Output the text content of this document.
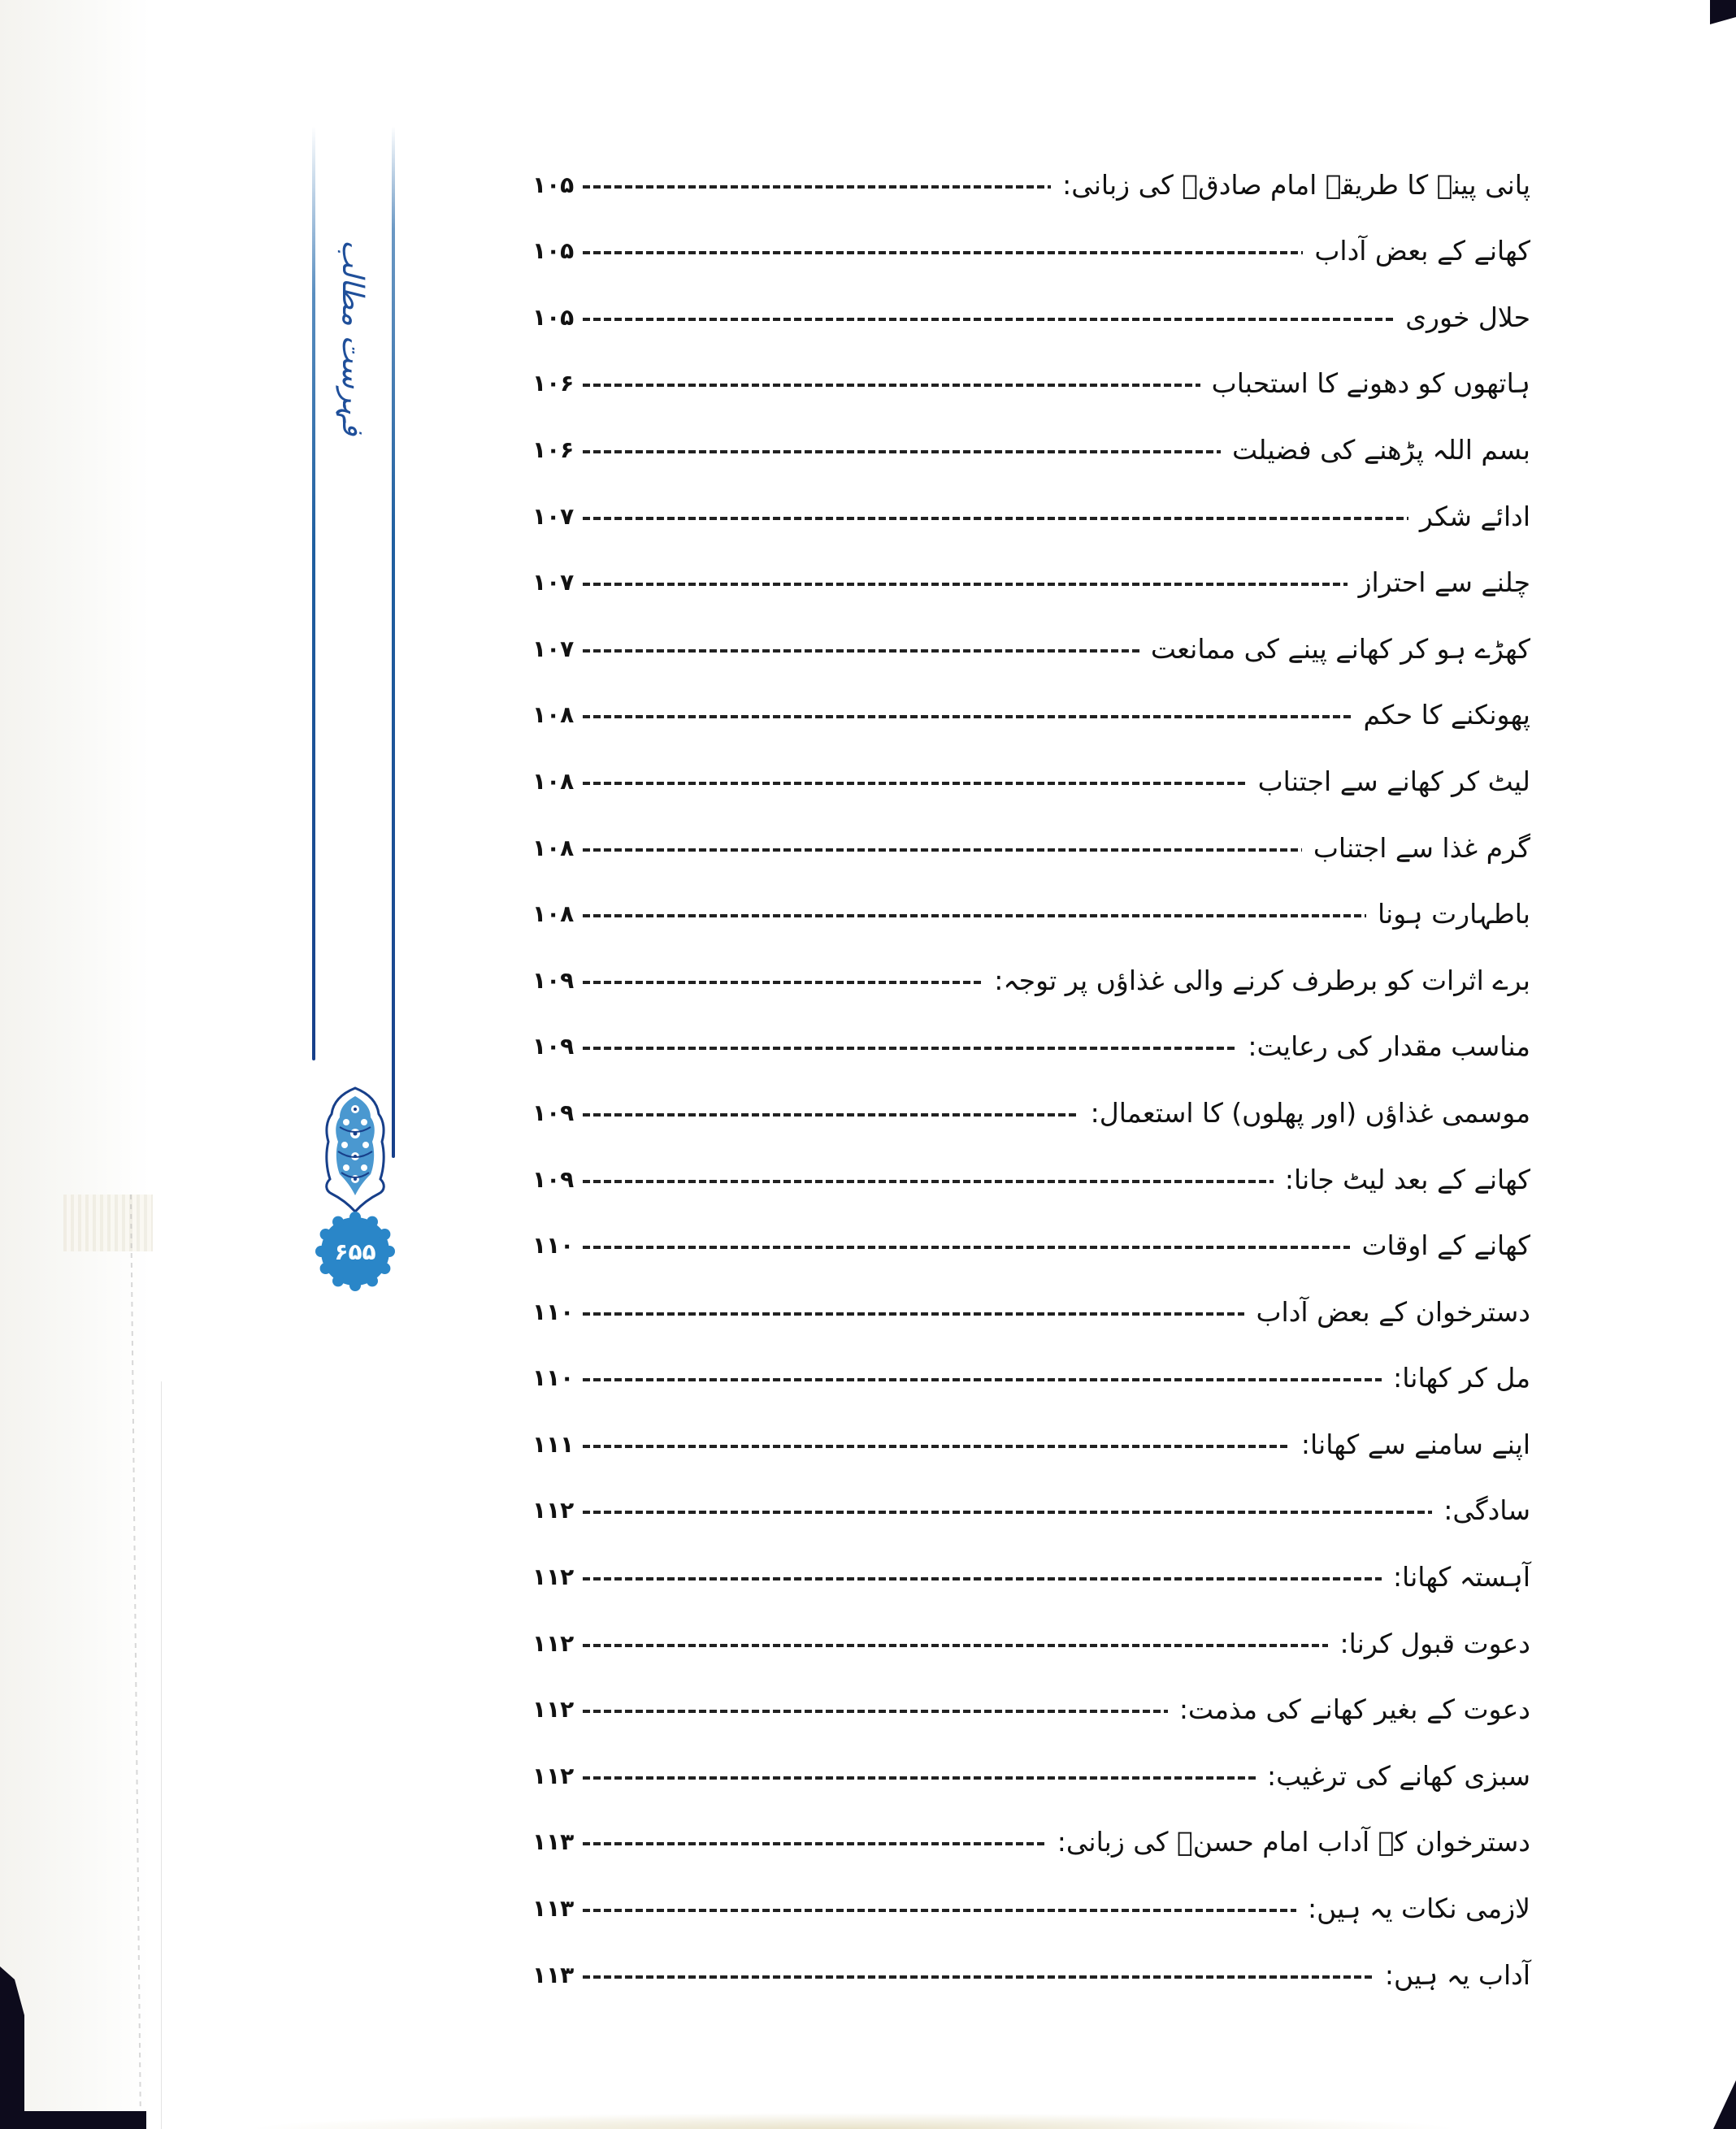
فہرست مطالب
۶۵۵
پانی پینے کا طریقہ امام صادقؑ کی زبانی:
۱۰۵
کھانے کے بعض آداب
۱۰۵
حلال خوری
۱۰۵
ہاتھوں کو دھونے کا استحباب
۱۰۶
بسم اللہ پڑھنے کی فضیلت
۱۰۶
ادائے شکر
۱۰۷
چلنے سے احتراز
۱۰۷
کھڑے ہو کر کھانے پینے کی ممانعت
۱۰۷
پھونکنے کا حکم
۱۰۸
لیٹ کر کھانے سے اجتناب
۱۰۸
گرم غذا سے اجتناب
۱۰۸
باطہارت ہونا
۱۰۸
برے اثرات کو برطرف کرنے والی غذاؤں پر توجہ:
۱۰۹
مناسب مقدار کی رعایت:
۱۰۹
موسمی غذاؤں (اور پھلوں) کا استعمال:
۱۰۹
کھانے کے بعد لیٹ جانا:
۱۰۹
کھانے کے اوقات
۱۱۰
دسترخوان کے بعض آداب
۱۱۰
مل کر کھانا:
۱۱۰
اپنے سامنے سے کھانا:
۱۱۱
سادگی:
۱۱۲
آہستہ کھانا:
۱۱۲
دعوت قبول کرنا:
۱۱۲
دعوت کے بغیر کھانے کی مذمت:
۱۱۲
سبزی کھانے کی ترغیب:
۱۱۲
دسترخوان کے آداب امام حسنؑ کی زبانی:
۱۱۳
لازمی نکات یہ ہیں:
۱۱۳
آداب یہ ہیں:
۱۱۳
